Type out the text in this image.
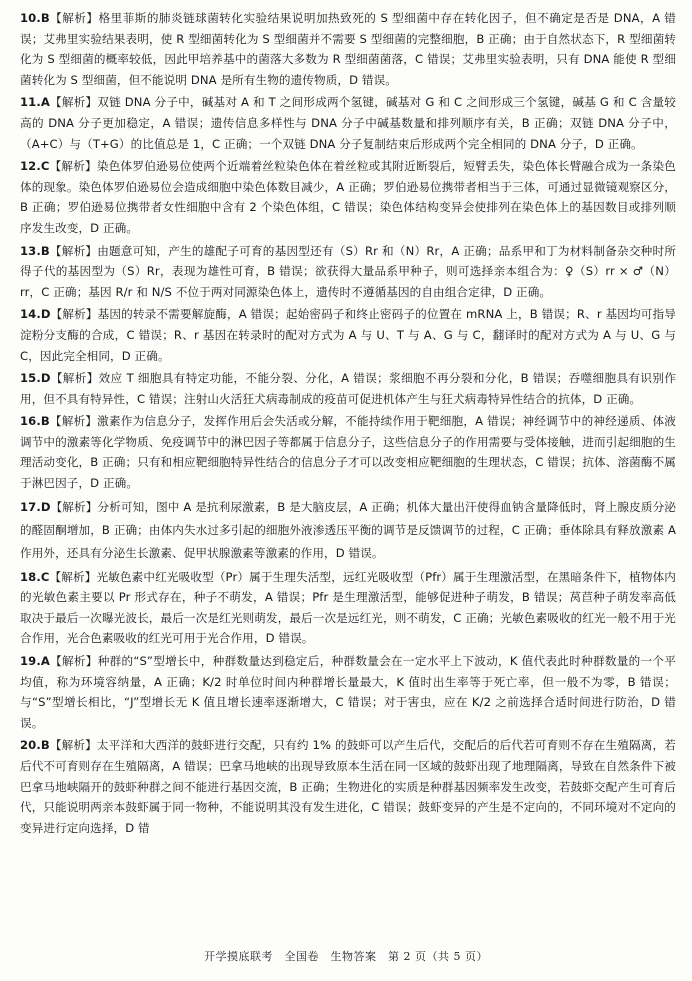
10.B【解析】格里菲斯的肺炎链球菌转化实验结果说明加热致死的 S 型细菌中存在转化因子，但不确定是否是 DNA，A 错误；艾弗里实验结果表明，使 R 型细菌转化为 S 型细菌并不需要 S 型细菌的完整细胞，B 正确；由于自然状态下，R 型细菌转化为 S 型细菌的概率较低，因此甲培养基中的菌落大多数为 R 型细菌菌落，C 错误；艾弗里实验表明，只有 DNA 能使 R 型细菌转化为 S 型细菌，但不能说明 DNA 是所有生物的遗传物质，D 错误。

11.A【解析】双链 DNA 分子中，碱基对 A 和 T 之间形成两个氢键，碱基对 G 和 C 之间形成三个氢键，碱基 G 和 C 含量较高的 DNA 分子更加稳定，A 错误；遗传信息多样性与 DNA 分子中碱基数量和排列顺序有关，B 正确；双链 DNA 分子中，（A+C）与（T+G）的比值总是 1，C 正确；一个双链 DNA 分子复制结束后形成两个完全相同的 DNA 分子，D 正确。

12.C【解析】染色体罗伯逊易位使两个近端着丝粒染色体在着丝粒或其附近断裂后，短臂丢失，染色体长臂融合成为一条染色体的现象。染色体罗伯逊易位会造成细胞中染色体数目减少，A 正确；罗伯逊易位携带者相当于三体，可通过显微镜观察区分，B 正确；罗伯逊易位携带者女性细胞中含有 2 个染色体组，C 错误；染色体结构变异会使排列在染色体上的基因数目或排列顺序发生改变，D 正确。

13.B【解析】由题意可知，产生的雄配子可育的基因型还有（S）Rr 和（N）Rr，A 正确；品系甲和丁为材料制备杂交种时所得子代的基因型为（S）Rr，表现为雄性可育，B 错误；欲获得大量品系甲种子，则可选择亲本组合为：♀（S）rr × ♂（N）rr，C 正确；基因 R/r 和 N/S 不位于两对同源染色体上，遗传时不遵循基因的自由组合定律，D 正确。

14.D【解析】基因的转录不需要解旋酶，A 错误；起始密码子和终止密码子的位置在 mRNA 上，B 错误；R、r 基因均可指导淀粉分支酶的合成，C 错误；R、r 基因在转录时的配对方式为 A 与 U、T 与 A、G 与 C，翻译时的配对方式为 A 与 U、G 与 C，因此完全相同，D 正确。

15.D【解析】效应 T 细胞具有特定功能，不能分裂、分化，A 错误；浆细胞不再分裂和分化，B 错误；吞噬细胞具有识别作用，但不具有特异性，C 错误；注射山火活狂犬病毒制成的疫苗可促进机体产生与狂犬病毒特异性结合的抗体，D 正确。

16.B【解析】激素作为信息分子，发挥作用后会失活或分解，不能持续作用于靶细胞，A 错误；神经调节中的神经递质、体液调节中的激素等化学物质、免疫调节中的淋巴因子等都属于信息分子，这些信息分子的作用需要与受体接触，进而引起细胞的生理活动变化，B 正确；只有和相应靶细胞特异性结合的信息分子才可以改变相应靶细胞的生理状态，C 错误；抗体、溶菌酶不属于淋巴因子，D 正确。

17.D【解析】分析可知，图中 A 是抗利尿激素，B 是大脑皮层，A 正确；机体大量出汗使得血钠含量降低时，肾上腺皮质分泌的醛固酮增加，B 正确；由体内失水过多引起的细胞外液渗透压平衡的调节是反馈调节的过程，C 正确；垂体除具有释放激素 A 作用外，还具有分泌生长激素、促甲状腺激素等激素的作用，D 错误。

18.C【解析】光敏色素中红光吸收型（Pr）属于生理失活型，远红光吸收型（Pfr）属于生理激活型，在黑暗条件下，植物体内的光敏色素主要以 Pr 形式存在，种子不萌发，A 错误；Pfr 是生理激活型，能够促进种子萌发，B 错误；莴苣种子萌发率高低取决于最后一次曝光波长，最后一次是红光则萌发，最后一次是远红光，则不萌发，C 正确；光敏色素吸收的红光一般不用于光合作用，光合色素吸收的红光可用于光合作用，D 错误。

19.A【解析】种群的“S”型增长中，种群数量达到稳定后，种群数量会在一定水平上下波动，K 值代表此时种群数量的一个平均值，称为环境容纳量，A 正确；K/2 时单位时间内种群增长量最大，K 值时出生率等于死亡率，但一般不为零，B 错误；与“S”型增长相比，“J”型增长无 K 值且增长速率逐渐增大，C 错误；对于害虫，应在 K/2 之前选择合适时间进行防治，D 错误。

20.B【解析】太平洋和大西洋的鼓虾进行交配，只有约 1% 的鼓虾可以产生后代，交配后的后代若可育则不存在生殖隔离，若后代不可育则存在生殖隔离，A 错误；巴拿马地峡的出现导致原本生活在同一区域的鼓虾出现了地理隔离，导致在自然条件下被巴拿马地峡隔开的鼓虾种群之间不能进行基因交流，B 正确；生物进化的实质是种群基因频率发生改变，若鼓虾交配产生可育后代，只能说明两亲本鼓虾属于同一物种，不能说明其没有发生进化，C 错误；鼓虾变异的产生是不定向的，不同环境对不定向的变异进行定向选择，D 错

开学摸底联考　全国卷　生物答案　第 2 页（共 5 页）
